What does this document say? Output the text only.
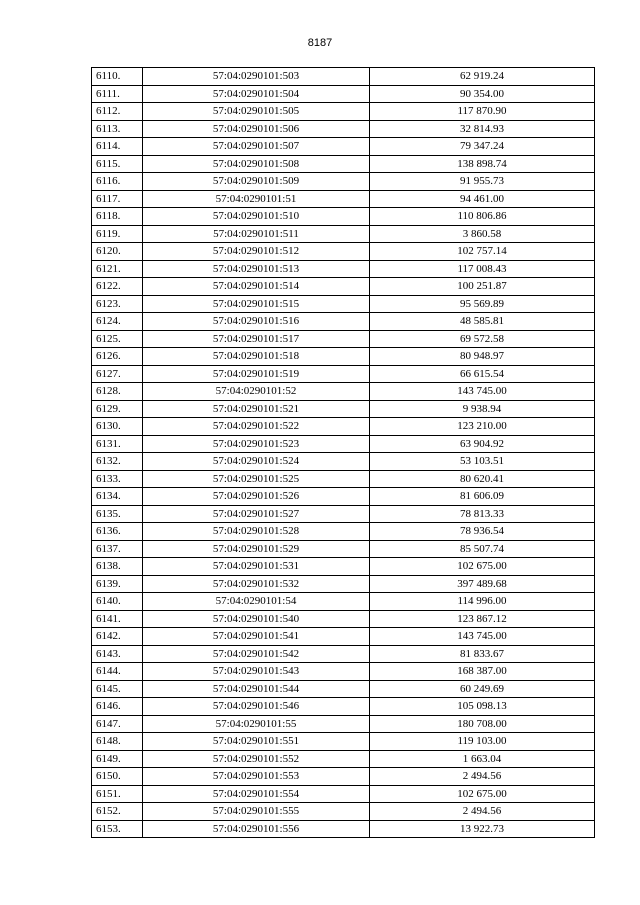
8187
6110.	57:04:0290101:503	62 919.24
6111.	57:04:0290101:504	90 354.00
6112.	57:04:0290101:505	117 870.90
6113.	57:04:0290101:506	32 814.93
6114.	57:04:0290101:507	79 347.24
6115.	57:04:0290101:508	138 898.74
6116.	57:04:0290101:509	91 955.73
6117.	57:04:0290101:51	94 461.00
6118.	57:04:0290101:510	110 806.86
6119.	57:04:0290101:511	3 860.58
6120.	57:04:0290101:512	102 757.14
6121.	57:04:0290101:513	117 008.43
6122.	57:04:0290101:514	100 251.87
6123.	57:04:0290101:515	95 569.89
6124.	57:04:0290101:516	48 585.81
6125.	57:04:0290101:517	69 572.58
6126.	57:04:0290101:518	80 948.97
6127.	57:04:0290101:519	66 615.54
6128.	57:04:0290101:52	143 745.00
6129.	57:04:0290101:521	9 938.94
6130.	57:04:0290101:522	123 210.00
6131.	57:04:0290101:523	63 904.92
6132.	57:04:0290101:524	53 103.51
6133.	57:04:0290101:525	80 620.41
6134.	57:04:0290101:526	81 606.09
6135.	57:04:0290101:527	78 813.33
6136.	57:04:0290101:528	78 936.54
6137.	57:04:0290101:529	85 507.74
6138.	57:04:0290101:531	102 675.00
6139.	57:04:0290101:532	397 489.68
6140.	57:04:0290101:54	114 996.00
6141.	57:04:0290101:540	123 867.12
6142.	57:04:0290101:541	143 745.00
6143.	57:04:0290101:542	81 833.67
6144.	57:04:0290101:543	168 387.00
6145.	57:04:0290101:544	60 249.69
6146.	57:04:0290101:546	105 098.13
6147.	57:04:0290101:55	180 708.00
6148.	57:04:0290101:551	119 103.00
6149.	57:04:0290101:552	1 663.04
6150.	57:04:0290101:553	2 494.56
6151.	57:04:0290101:554	102 675.00
6152.	57:04:0290101:555	2 494.56
6153.	57:04:0290101:556	13 922.73
